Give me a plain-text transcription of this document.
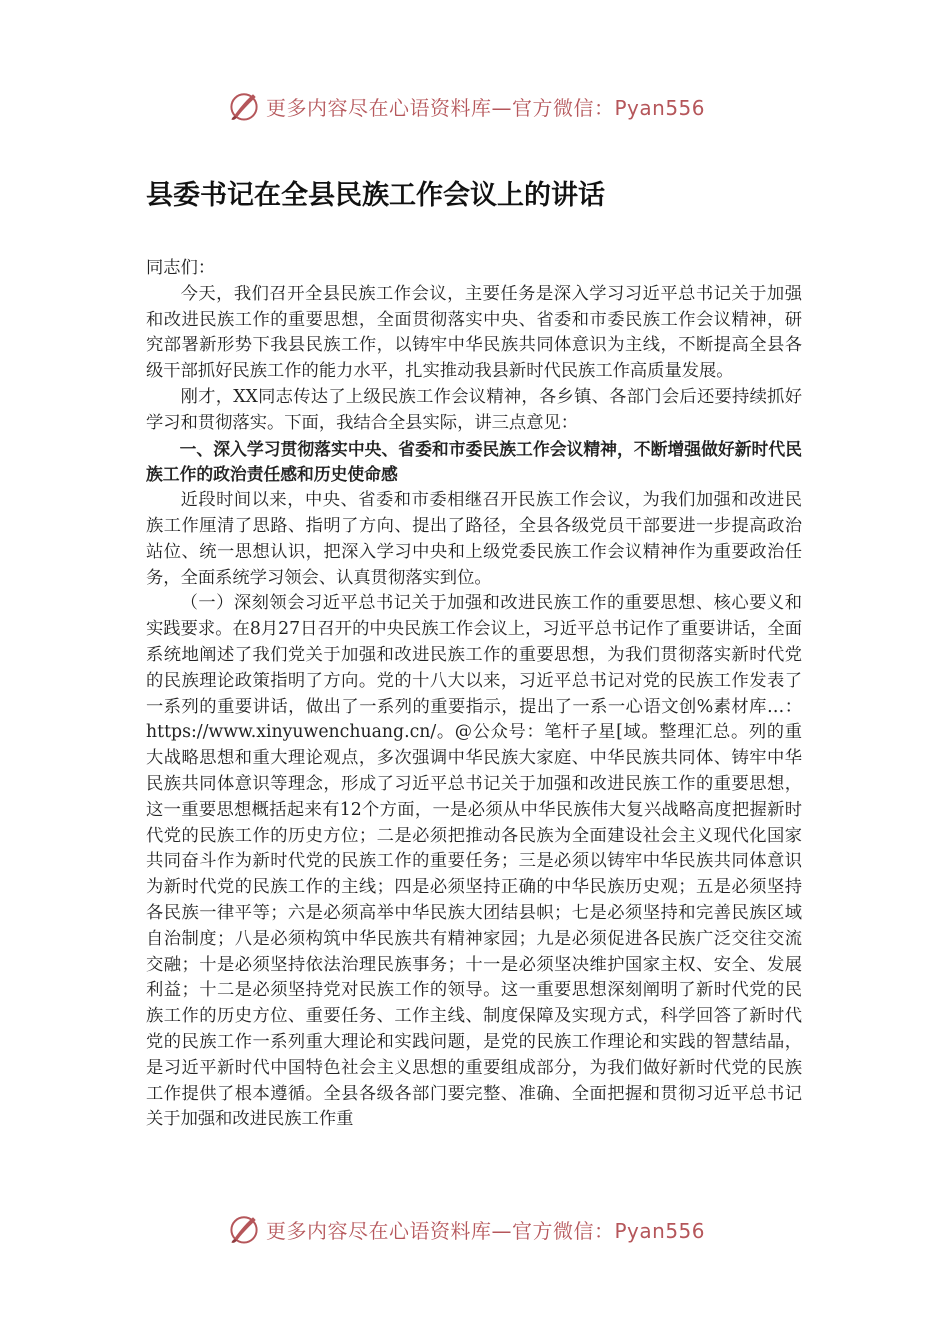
更多内容尽在心语资料库—官方微信：Pyan556
县委书记在全县民族工作会议上的讲话

同志们：

今天，我们召开全县民族工作会议，主要任务是深入学习习近平总书记关于加强和改进民族工作的重要思想，全面贯彻落实中央、省委和市委民族工作会议精神，研究部署新形势下我县民族工作，以铸牢中华民族共同体意识为主线，不断提高全县各级干部抓好民族工作的能力水平，扎实推动我县新时代民族工作高质量发展。

刚才，XX同志传达了上级民族工作会议精神，各乡镇、各部门会后还要持续抓好学习和贯彻落实。下面，我结合全县实际，讲三点意见：

一、深入学习贯彻落实中央、省委和市委民族工作会议精神，不断增强做好新时代民族工作的政治责任感和历史使命感

近段时间以来，中央、省委和市委相继召开民族工作会议，为我们加强和改进民族工作厘清了思路、指明了方向、提出了路径，全县各级党员干部要进一步提高政治站位、统一思想认识，把深入学习中央和上级党委民族工作会议精神作为重要政治任务，全面系统学习领会、认真贯彻落实到位。

（一）深刻领会习近平总书记关于加强和改进民族工作的重要思想、核心要义和实践要求。在8月27日召开的中央民族工作会议上，习近平总书记作了重要讲话，全面系统地阐述了我们党关于加强和改进民族工作的重要思想，为我们贯彻落实新时代党的民族理论政策指明了方向。党的十八大以来，习近平总书记对党的民族工作发表了一系列的重要讲话，做出了一系列的重要指示，提出了一系一心语文创%素材库…：https://www.xinyuwenchuang.cn/。@公众号：笔杆子星[域。整理汇总。列的重大战略思想和重大理论观点，多次强调中华民族大家庭、中华民族共同体、铸牢中华民族共同体意识等理念，形成了习近平总书记关于加强和改进民族工作的重要思想，这一重要思想概括起来有12个方面，一是必须从中华民族伟大复兴战略高度把握新时代党的民族工作的历史方位；二是必须把推动各民族为全面建设社会主义现代化国家共同奋斗作为新时代党的民族工作的重要任务；三是必须以铸牢中华民族共同体意识为新时代党的民族工作的主线；四是必须坚持正确的中华民族历史观；五是必须坚持各民族一律平等；六是必须高举中华民族大团结县帜；七是必须坚持和完善民族区域自治制度；八是必须构筑中华民族共有精神家园；九是必须促进各民族广泛交往交流交融；十是必须坚持依法治理民族事务；十一是必须坚决维护国家主权、安全、发展利益；十二是必须坚持党对民族工作的领导。这一重要思想深刻阐明了新时代党的民族工作的历史方位、重要任务、工作主线、制度保障及实现方式，科学回答了新时代党的民族工作一系列重大理论和实践问题，是党的民族工作理论和实践的智慧结晶，是习近平新时代中国特色社会主义思想的重要组成部分，为我们做好新时代党的民族工作提供了根本遵循。全县各级各部门要完整、准确、全面把握和贯彻习近平总书记关于加强和改进民族工作重

更多内容尽在心语资料库—官方微信：Pyan556
